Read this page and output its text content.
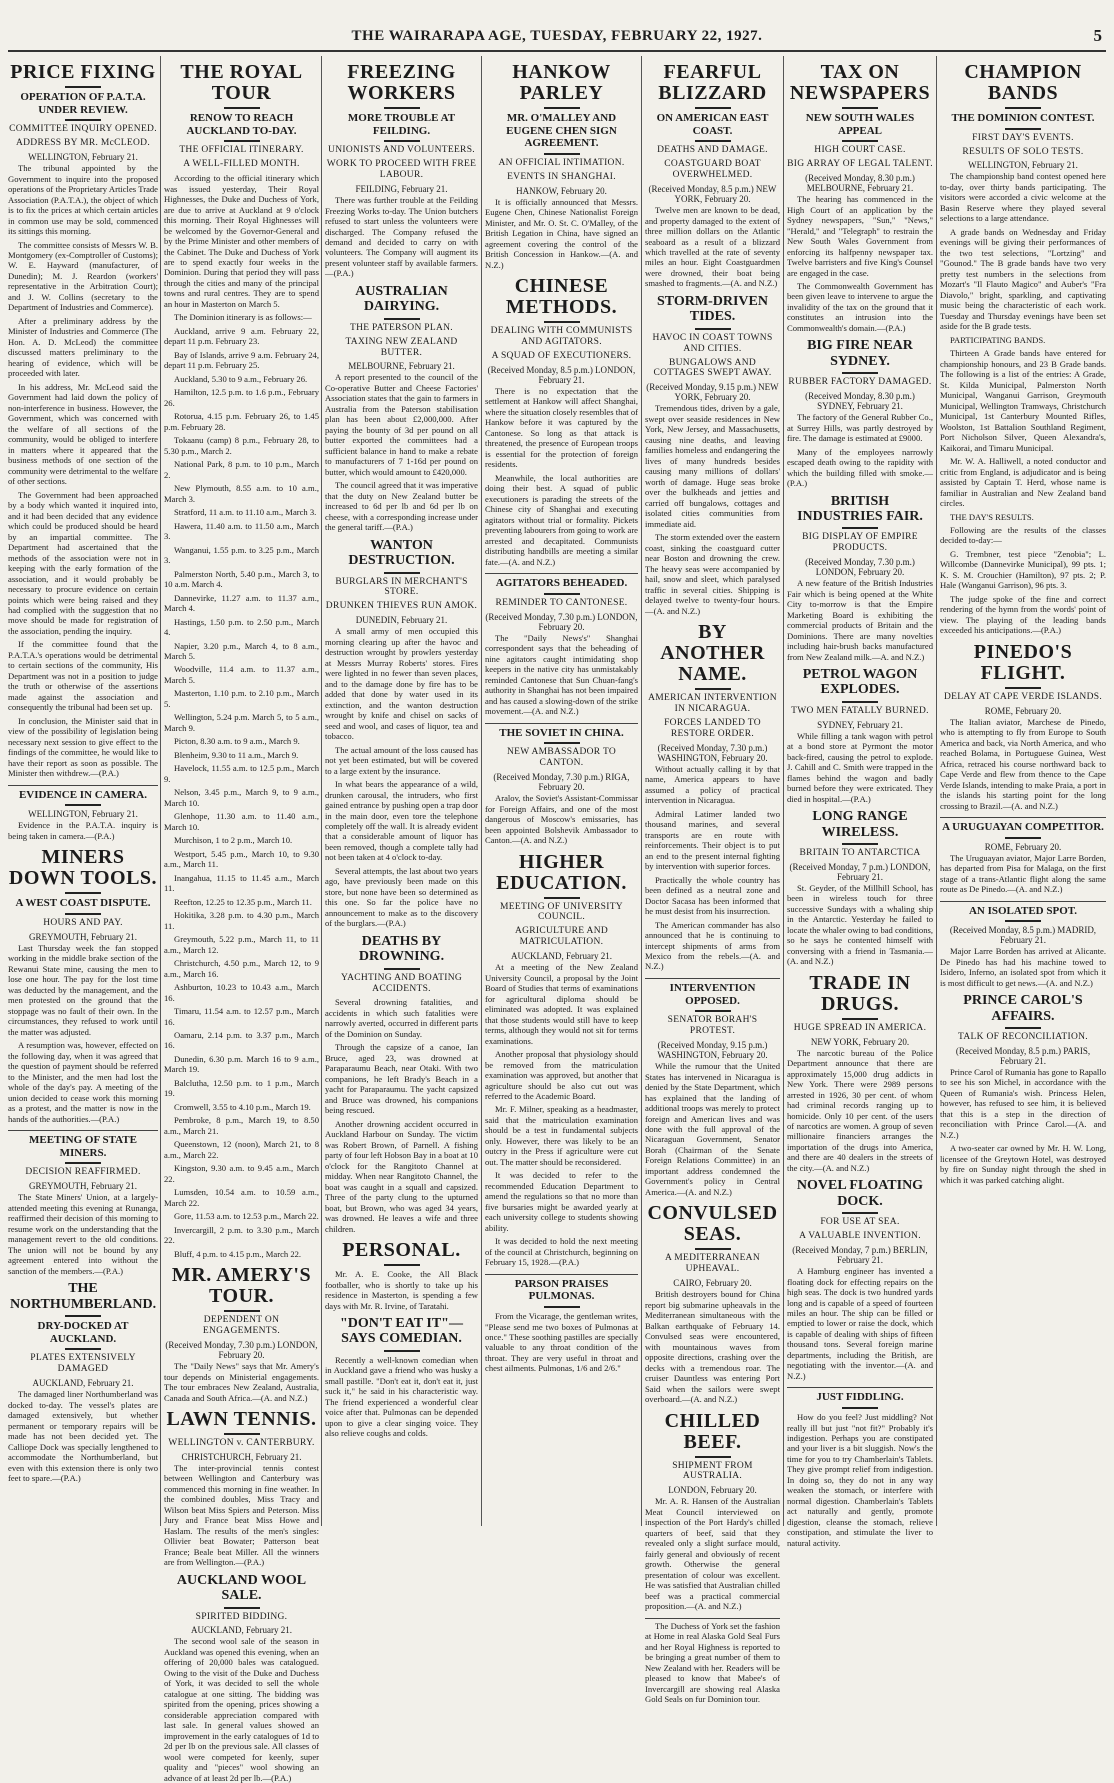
THE WAIRARAPA AGE, TUESDAY, FEBRUARY 22, 1927.	5
PRICE FIXING
OPERATION OF P.A.T.A. UNDER REVIEW.
COMMITTEE INQUIRY OPENED.
ADDRESS BY MR. McCLEOD.
WELLINGTON, February 21.

The tribunal appointed by the Government to inquire into the proposed operations of the Proprietary Articles Trade Association (P.A.T.A.), the object of which is to fix the prices at which certain articles in common use may be sold, commenced its sittings this morning.

The committee consists of Messrs W. B. Montgomery (ex-Comptroller of Customs); W. E. Hayward (manufacturer, of Dunedin); M. J. Reardon (workers' representative in the Arbitration Court); and J. W. Collins (secretary to the Department of Industries and Commerce).

After a preliminary address by the Minister of Industries and Commerce (The Hon. A. D. McLeod) the committee discussed matters preliminary to the hearing of evidence, which will be proceeded with later.

In his address, Mr. McLeod said the Government had laid down the policy of non-interference in business. However, the Government, which was concerned with the welfare of all sections of the community, would be obliged to interfere in matters where it appeared that the business methods of one section of the community were detrimental to the welfare of other sections.

The Government had been approached by a body which wanted it inquired into, and it had been decided that any evidence which could be produced should be heard by an impartial committee. The Department had ascertained that the methods of the association were not in keeping with the early formation of the association, and it would probably be necessary to procure evidence on certain points which were being raised and they had complied with the suggestion that no move should be made for registration of the association, pending the inquiry.

If the committee found that the P.A.T.A.'s operations would be detrimental to certain sections of the community, His Department was not in a position to judge the truth or otherwise of the assertions made against the association and consequently the tribunal had been set up.

In conclusion, the Minister said that in view of the possibility of legislation being necessary next session to give effect to the findings of the committee, he would like to have their report as soon as possible. The Minister then withdrew.—(P.A.)

EVIDENCE IN CAMERA.
WELLINGTON, February 21.

Evidence in the P.A.T.A. inquiry is being taken in camera.—(P.A.)

MINERS DOWN TOOLS.
A WEST COAST DISPUTE.
HOURS AND PAY.
GREYMOUTH, February 21.

Last Thursday week the fan stopped working in the middle brake section of the Rewanui State mine, causing the men to lose one hour. The pay for the lost time was deducted by the management, and the men protested on the ground that the stoppage was no fault of their own. In the circumstances, they refused to work until the matter was adjusted.

A resumption was, however, effected on the following day, when it was agreed that the question of payment should be referred to the Minister, and the men had lost the whole of the day's pay. A meeting of the union decided to cease work this morning as a protest, and the matter is now in the hands of the authorities.—(P.A.)

MEETING OF STATE MINERS.
DECISION REAFFIRMED.
GREYMOUTH, February 21.

The State Miners' Union, at a largely-attended meeting this evening at Runanga, reaffirmed their decision of this morning to resume work on the understanding that the management revert to the old conditions. The union will not be bound by any agreement entered into without the sanction of the members.—(P.A.)

THE NORTHUMBERLAND.
DRY-DOCKED AT AUCKLAND.
PLATES EXTENSIVELY DAMAGED
AUCKLAND, February 21.

The damaged liner Northumberland was docked to-day. The vessel's plates are damaged extensively, but whether permanent or temporary repairs will be made has not been decided yet. The Calliope Dock was specially lengthened to accommodate the Northumberland, but even with this extension there is only two feet to spare.—(P.A.)

THE ROYAL TOUR
RENOW TO REACH AUCKLAND TO-DAY.
THE OFFICIAL ITINERARY.
A WELL-FILLED MONTH.

According to the official itinerary which was issued yesterday, Their Royal Highnesses, the Duke and Duchess of York, are due to arrive at Auckland at 9 o'clock this morning. Their Royal Highnesses will be welcomed by the Governor-General and by the Prime Minister and other members of the Cabinet. The Duke and Duchess of York are to spend exactly four weeks in the Dominion. During that period they will pass through the cities and many of the principal towns and rural centres. They are to spend an hour in Masterton on March 5.

The Dominion itinerary is as follows:—

Auckland, arrive 9 a.m. February 22, depart 11 p.m. February 23.

Bay of Islands, arrive 9 a.m. February 24, depart 11 p.m. February 25.

Auckland, 5.30 to 9 a.m., February 26.

Hamilton, 12.5 p.m. to 1.6 p.m., February 26.

Rotorua, 4.15 p.m. February 26, to 1.45 p.m. February 28.

Tokaanu (camp) 8 p.m., February 28, to 5.30 p.m., March 2.

National Park, 8 p.m. to 10 p.m., March 2.

New Plymouth, 8.55 a.m. to 10 a.m., March 3.

Stratford, 11 a.m. to 11.10 a.m., March 3.

Hawera, 11.40 a.m. to 11.50 a.m., March 3.

Wanganui, 1.55 p.m. to 3.25 p.m., March 3.

Palmerston North, 5.40 p.m., March 3, to 10 a.m. March 4.

Dannevirke, 11.27 a.m. to 11.37 a.m., March 4.

Hastings, 1.50 p.m. to 2.50 p.m., March 4.

Napier, 3.20 p.m., March 4, to 8 a.m., March 5.

Woodville, 11.4 a.m. to 11.37 a.m., March 5.

Masterton, 1.10 p.m. to 2.10 p.m., March 5.

Wellington, 5.24 p.m. March 5, to 5 a.m., March 9.

Picton, 8.30 a.m. to 9 a.m., March 9.

Blenheim, 9.30 to 11 a.m., March 9.

Havelock, 11.55 a.m. to 12.5 p.m., March 9.

Nelson, 3.45 p.m., March 9, to 9 a.m., March 10.

Glenhope, 11.30 a.m. to 11.40 a.m., March 10.

Murchison, 1 to 2 p.m., March 10.

Westport, 5.45 p.m., March 10, to 9.30 a.m., March 11.

Inangahua, 11.15 to 11.45 a.m., March 11.

Reefton, 12.25 to 12.35 p.m., March 11.

Hokitika, 3.28 p.m. to 4.30 p.m., March 11.

Greymouth, 5.22 p.m., March 11, to 11 a.m., March 12.

Christchurch, 4.50 p.m., March 12, to 9 a.m., March 16.

Ashburton, 10.23 to 10.43 a.m., March 16.

Timaru, 11.54 a.m. to 12.57 p.m., March 16.

Oamaru, 2.14 p.m. to 3.37 p.m., March 16.

Dunedin, 6.30 p.m. March 16 to 9 a.m., March 19.

Balclutha, 12.50 p.m. to 1 p.m., March 19.

Cromwell, 3.55 to 4.10 p.m., March 19.

Pembroke, 8 p.m., March 19, to 8.50 a.m., March 21.

Queenstown, 12 (noon), March 21, to 8 a.m., March 22.

Kingston, 9.30 a.m. to 9.45 a.m., March 22.

Lumsden, 10.54 a.m. to 10.59 a.m., March 22.

Gore, 11.53 a.m. to 12.53 p.m., March 22.

Invercargill, 2 p.m. to 3.30 p.m., March 22.

Bluff, 4 p.m. to 4.15 p.m., March 22.

MR. AMERY'S TOUR.
DEPENDENT ON ENGAGEMENTS.
(Received Monday, 7.30 p.m.) LONDON, February 20.

The "Daily News" says that Mr. Amery's tour depends on Ministerial engagements. The tour embraces New Zealand, Australia, Canada and South Africa.—(A. and N.Z.)

LAWN TENNIS.
WELLINGTON v. CANTERBURY.
CHRISTCHURCH, February 21.

The inter-provincial tennis contest between Wellington and Canterbury was commenced this morning in fine weather. In the combined doubles, Miss Tracy and Wilson beat Miss Spiers and Peterson. Miss Jury and France beat Miss Howe and Haslam. The results of the men's singles: Ollivier beat Bowater; Patterson beat France; Beale beat Miller. All the winners are from Wellington.—(P.A.)

AUCKLAND WOOL SALE.
SPIRITED BIDDING.
AUCKLAND, February 21.

The second wool sale of the season in Auckland was opened this evening, when an offering of 20,000 bales was catalogued. Owing to the visit of the Duke and Duchess of York, it was decided to sell the whole catalogue at one sitting. The bidding was spirited from the opening, prices showing a considerable appreciation compared with last sale. In general values showed an improvement in the early catalogues of 1d to 2d per lb on the previous sale. All classes of wool were competed for keenly, super quality and "pieces" wool showing an advance of at least 2d per lb.—(P.A.)

FREEZING WORKERS
MORE TROUBLE AT FEILDING.
UNIONISTS AND VOLUNTEERS.
WORK TO PROCEED WITH FREE LABOUR.
FEILDING, February 21.

There was further trouble at the Feilding Freezing Works to-day. The Union butchers refused to start unless the volunteers were discharged. The Company refused the demand and decided to carry on with volunteers. The Company will augment its present volunteer staff by available farmers.—(P.A.)

AUSTRALIAN DAIRYING.
THE PATERSON PLAN.
TAXING NEW ZEALAND BUTTER.
MELBOURNE, February 21.

A report presented to the council of the Co-operative Butter and Cheese Factories' Association states that the gain to farmers in Australia from the Paterson stabilisation plan has been about £2,000,000. After paying the bounty of 3d per pound on all butter exported the committees had a sufficient balance in hand to make a rebate to manufacturers of 7 1-16d per pound on butter, which would amount to £420,000.

The council agreed that it was imperative that the duty on New Zealand butter be increased to 6d per lb and 6d per lb on cheese, with a corresponding increase under the general tariff.—(P.A.)

WANTON DESTRUCTION.
BURGLARS IN MERCHANT'S STORE.
DRUNKEN THIEVES RUN AMOK.
DUNEDIN, February 21.

A small army of men occupied this morning clearing up after the havoc and destruction wrought by prowlers yesterday at Messrs Murray Roberts' stores. Fires were lighted in no fewer than seven places, and to the damage done by fire has to be added that done by water used in its extinction, and the wanton destruction wrought by knife and chisel on sacks of seed and wool, and cases of liquor, tea and tobacco.

The actual amount of the loss caused has not yet been estimated, but will be covered to a large extent by the insurance.

In what bears the appearance of a wild, drunken carousal, the intruders, who first gained entrance by pushing open a trap door in the main door, even tore the telephone completely off the wall. It is already evident that a considerable amount of liquor has been removed, though a complete tally had not been taken at 4 o'clock to-day.

Several attempts, the last about two years ago, have previously been made on this store, but none have been so determined as this one. So far the police have no announcement to make as to the discovery of the burglars.—(P.A.)

DEATHS BY DROWNING.
YACHTING AND BOATING ACCIDENTS.

Several drowning fatalities, and accidents in which such fatalities were narrowly averted, occurred in different parts of the Dominion on Sunday.

Through the capsize of a canoe, Ian Bruce, aged 23, was drowned at Paraparaumu Beach, near Otaki. With two companions, he left Brady's Beach in a yacht for Paraparaumu. The yacht capsized and Bruce was drowned, his companions being rescued.

Another drowning accident occurred in Auckland Harbour on Sunday. The victim was Robert Brown, of Parnell. A fishing party of four left Hobson Bay in a boat at 10 o'clock for the Rangitoto Channel at midday. When near Rangitoto Channel, the boat was caught in a squall and capsized. Three of the party clung to the upturned boat, but Brown, who was aged 34 years, was drowned. He leaves a wife and three children.

PERSONAL.

Mr. A. E. Cooke, the All Black footballer, who is shortly to take up his residence in Masterton, is spending a few days with Mr. R. Irvine, of Taratahi.

"DON'T EAT IT"—SAYS COMEDIAN.

Recently a well-known comedian when in Auckland gave a friend who was husky a small pastille. "Don't eat it, don't eat it, just suck it," he said in his characteristic way. The friend experienced a wonderful clear voice after that. Pulmonas can be depended upon to give a clear singing voice. They also relieve coughs and colds.

HANKOW PARLEY
MR. O'MALLEY AND EUGENE CHEN SIGN AGREEMENT.
AN OFFICIAL INTIMATION.
EVENTS IN SHANGHAI.
HANKOW, February 20.

It is officially announced that Messrs. Eugene Chen, Chinese Nationalist Foreign Minister, and Mr. O. St. C. O'Malley, of the British Legation in China, have signed an agreement covering the control of the British Concession in Hankow.—(A. and N.Z.)

CHINESE METHODS.
DEALING WITH COMMUNISTS AND AGITATORS.
A SQUAD OF EXECUTIONERS.
(Received Monday, 8.5 p.m.) LONDON, February 21.

There is no expectation that the settlement at Hankow will affect Shanghai, where the situation closely resembles that of Hankow before it was captured by the Cantonese. So long as that attack is threatened, the presence of European troops is essential for the protection of foreign residents.

Meanwhile, the local authorities are doing their best. A squad of public executioners is parading the streets of the Chinese city of Shanghai and executing agitators without trial or formality. Pickets preventing labourers from going to work are arrested and decapitated. Communists distributing handbills are meeting a similar fate.—(A. and N.Z.)

AGITATORS BEHEADED.
REMINDER TO CANTONESE.
(Received Monday, 7.30 p.m.) LONDON, February 20.

The "Daily News's" Shanghai correspondent says that the beheading of nine agitators caught intimidating shop keepers in the native city has unmistakably reminded Cantonese that Sun Chuan-fang's authority in Shanghai has not been impaired and has caused a slowing-down of the strike movement.—(A. and N.Z.)

THE SOVIET IN CHINA.
NEW AMBASSADOR TO CANTON.
(Received Monday, 7.30 p.m.) RIGA, February 20.

Aralov, the Soviet's Assistant-Commissar for Foreign Affairs, and one of the most dangerous of Moscow's emissaries, has been appointed Bolshevik Ambassador to Canton.—(A. and N.Z.)

HIGHER EDUCATION.
MEETING OF UNIVERSITY COUNCIL.
AGRICULTURE AND MATRICULATION.
AUCKLAND, February 21.

At a meeting of the New Zealand University Council, a proposal by the Joint Board of Studies that terms of examinations for agricultural diploma should be eliminated was adopted. It was explained that those students would still have to keep terms, although they would not sit for terms examinations.

Another proposal that physiology should be removed from the matriculation examination was approved, but another that agriculture should be also cut out was referred to the Academic Board.

Mr. F. Milner, speaking as a headmaster, said that the matriculation examination should be a test in fundamental subjects only. However, there was likely to be an outcry in the Press if agriculture were cut out. The matter should be reconsidered.

It was decided to refer to the recommended Education Department to amend the regulations so that no more than five bursaries might be awarded yearly at each university college to students showing ability.

It was decided to hold the next meeting of the council at Christchurch, beginning on February 15, 1928.—(P.A.)

PARSON PRAISES PULMONAS.

From the Vicarage, the gentleman writes, "Please send me two boxes of Pulmonas at once." These soothing pastilles are specially valuable to any throat condition of the throat. They are very useful in throat and chest ailments. Pulmonas, 1/6 and 2/6."

FEARFUL BLIZZARD
ON AMERICAN EAST COAST.
DEATHS AND DAMAGE.
COASTGUARD BOAT OVERWHELMED.
(Received Monday, 8.5 p.m.) NEW YORK, February 20.

Twelve men are known to be dead, and property damaged to the extent of three million dollars on the Atlantic seaboard as a result of a blizzard which travelled at the rate of seventy miles an hour. Eight Coastguardmen were drowned, their boat being smashed to fragments.—(A. and N.Z.)

STORM-DRIVEN TIDES.
HAVOC IN COAST TOWNS AND CITIES.
BUNGALOWS AND COTTAGES SWEPT AWAY.
(Received Monday, 9.15 p.m.) NEW YORK, February 20.

Tremendous tides, driven by a gale, swept over seaside residences in New York, New Jersey, and Massachusetts, causing nine deaths, and leaving families homeless and endangering the lives of many hundreds besides causing many millions of dollars' worth of damage. Huge seas broke over the bulkheads and jetties and carried off bungalows, cottages and isolated cities communities from immediate aid.

The storm extended over the eastern coast, sinking the coastguard cutter near Boston and drowning the crew. The heavy seas were accompanied by hail, snow and sleet, which paralysed traffic in several cities. Shipping is delayed twelve to twenty-four hours.—(A. and N.Z.)

BY ANOTHER NAME.
AMERICAN INTERVENTION IN NICARAGUA.
FORCES LANDED TO RESTORE ORDER.
(Received Monday, 7.30 p.m.) WASHINGTON, February 20.

Without actually calling it by that name, America appears to have assumed a policy of practical intervention in Nicaragua.

Admiral Latimer landed two thousand marines, and several transports are en route with reinforcements. Their object is to put an end to the present internal fighting by intervention with superior forces.

Practically the whole country has been defined as a neutral zone and Doctor Sacasa has been informed that he must desist from his insurrection.

The American commander has also announced that he is continuing to intercept shipments of arms from Mexico from the rebels.—(A. and N.Z.)

INTERVENTION OPPOSED.
SENATOR BORAH'S PROTEST.
(Received Monday, 9.15 p.m.) WASHINGTON, February 20.

While the rumour that the United States has intervened in Nicaragua is denied by the State Department, which has explained that the landing of additional troops was merely to protect foreign and American lives and was done with the full approval of the Nicaraguan Government, Senator Borah (Chairman of the Senate Foreign Relations Committee) in an important address condemned the Government's policy in Central America.—(A. and N.Z.)

CONVULSED SEAS.
A MEDITERRANEAN UPHEAVAL.
CAIRO, February 20.

British destroyers bound for China report big submarine upheavals in the Mediterranean simultaneous with the Balkan earthquake of February 14. Convulsed seas were encountered, with mountainous waves from opposite directions, crashing over the decks with a tremendous roar. The cruiser Dauntless was entering Port Said when the sailors were swept overboard.—(A. and N.Z.)

CHILLED BEEF.
SHIPMENT FROM AUSTRALIA.
LONDON, February 20.

Mr. A. R. Hansen of the Australian Meat Council interviewed on inspection of the Port Hardy's chilled quarters of beef, said that they revealed only a slight surface mould, fairly general and obviously of recent growth. Otherwise the general presentation of colour was excellent. He was satisfied that Australian chilled beef was a practical commercial proposition.—(A. and N.Z.)

The Duchess of York set the fashion at Home in real Alaska Gold Seal Furs and her Royal Highness is reported to be bringing a great number of them to New Zealand with her. Readers will be pleased to know that Mabee's of Invercargill are showing real Alaska Gold Seals on fur Dominion tour.

TAX ON NEWSPAPERS
NEW SOUTH WALES APPEAL
HIGH COURT CASE.
BIG ARRAY OF LEGAL TALENT.
(Received Monday, 8.30 p.m.) MELBOURNE, February 21.

The hearing has commenced in the High Court of an application by the Sydney newspapers, "Sun," "News," "Herald," and "Telegraph" to restrain the New South Wales Government from enforcing its halfpenny newspaper tax. Twelve barristers and five King's Counsel are engaged in the case.

The Commonwealth Government has been given leave to intervene to argue the invalidity of the tax on the ground that it constitutes an intrusion into the Commonwealth's domain.—(P.A.)

BIG FIRE NEAR SYDNEY.
RUBBER FACTORY DAMAGED.
(Received Monday, 8.30 p.m.) SYDNEY, February 21.

The factory of the General Rubber Co., at Surrey Hills, was partly destroyed by fire. The damage is estimated at £9000.

Many of the employees narrowly escaped death owing to the rapidity with which the building filled with smoke.—(P.A.)

BRITISH INDUSTRIES FAIR.
BIG DISPLAY OF EMPIRE PRODUCTS.
(Received Monday, 7.30 p.m.) LONDON, February 20.

A new feature of the British Industries Fair which is being opened at the White City to-morrow is that the Empire Marketing Board is exhibiting the commercial products of Britain and the Dominions. There are many novelties including hair-brush backs manufactured from New Zealand milk.—A. and N.Z.)

PETROL WAGON EXPLODES.
TWO MEN FATALLY BURNED.
SYDNEY, February 21.

While filling a tank wagon with petrol at a bond store at Pyrmont the motor back-fired, causing the petrol to explode. J. Cahill and C. Smith were trapped in the flames behind the wagon and badly burned before they were extricated. They died in hospital.—(P.A.)

LONG RANGE WIRELESS.
BRITAIN TO ANTARCTICA
(Received Monday, 7 p.m.) LONDON, February 21.

St. Geyder, of the Millhill School, has been in wireless touch for three successive Sundays with a whaling ship in the Antarctic. Yesterday he failed to locate the whaler owing to bad conditions, so he says he contented himself with conversing with a friend in Tasmania.—(A. and N.Z.)

TRADE IN DRUGS.
HUGE SPREAD IN AMERICA.
NEW YORK, February 20.

The narcotic bureau of the Police Department announce that there are approximately 15,000 drug addicts in New York. There were 2989 persons arrested in 1926, 30 per cent. of whom had criminal records ranging up to homicide. Only 10 per cent. of the users of narcotics are women. A group of seven millionaire financiers arranges the importation of the drugs into America, and there are 40 dealers in the streets of the city.—(A. and N.Z.)

NOVEL FLOATING DOCK.
FOR USE AT SEA.
A VALUABLE INVENTION.
(Received Monday, 7 p.m.) BERLIN, February 21.

A Hamburg engineer has invented a floating dock for effecting repairs on the high seas. The dock is two hundred yards long and is capable of a speed of fourteen miles an hour. The ship can be filled or emptied to lower or raise the dock, which is capable of dealing with ships of fifteen thousand tons. Several foreign marine departments, including the British, are negotiating with the inventor.—(A. and N.Z.)

JUST FIDDLING.

How do you feel? Just middling? Not really ill but just "not fit?" Probably it's indigestion. Perhaps you are constipated and your liver is a bit sluggish. Now's the time for you to try Chamberlain's Tablets. They give prompt relief from indigestion. In doing so, they do not in any way weaken the stomach, or interfere with normal digestion. Chamberlain's Tablets act naturally and gently, promote digestion, cleanse the stomach, relieve constipation, and stimulate the liver to natural activity.

CHAMPION BANDS
THE DOMINION CONTEST.
FIRST DAY'S EVENTS.
RESULTS OF SOLO TESTS.
WELLINGTON, February 21.

The championship band contest opened here to-day, over thirty bands participating. The visitors were accorded a civic welcome at the Basin Reserve where they played several selections to a large attendance.

A grade bands on Wednesday and Friday evenings will be giving their performances of the two test selections, "Lortzing" and "Gounod." The B grade bands have two very pretty test numbers in the selections from Mozart's "Il Flauto Magico" and Auber's "Fra Diavolo," bright, sparkling, and captivating music being the characteristic of each work. Tuesday and Thursday evenings have been set aside for the B grade tests.

PARTICIPATING BANDS.

Thirteen A Grade bands have entered for championship honours, and 23 B Grade bands. The following is a list of the entries: A Grade, St. Kilda Municipal, Palmerston North Municipal, Wanganui Garrison, Greymouth Municipal, Wellington Tramways, Christchurch Municipal, 1st Canterbury Mounted Rifles, Woolston, 1st Battalion Southland Regiment, Port Nicholson Silver, Queen Alexandra's, Kaikorai, and Timaru Municipal.

Mr. W. A. Halliwell, a noted conductor and critic from England, is adjudicator and is being assisted by Captain T. Herd, whose name is familiar in Australian and New Zealand band circles.

THE DAY'S RESULTS.

Following are the results of the classes decided to-day:—

G. Trembner, test piece "Zenobia"; L. Willcombe (Dannevirke Municipal), 99 pts. 1; K. S. M. Crouchier (Hamilton), 97 pts. 2; P. Hale (Wanganui Garrison), 96 pts. 3.

The judge spoke of the fine and correct rendering of the hymn from the words' point of view. The playing of the leading bands exceeded his anticipations.—(P.A.)

PINEDO'S FLIGHT.
DELAY AT CAPE VERDE ISLANDS.
ROME, February 20.

The Italian aviator, Marchese de Pinedo, who is attempting to fly from Europe to South America and back, via North America, and who reached Bolama, in Portuguese Guinea, West Africa, retraced his course northward back to Cape Verde and flew from thence to the Cape Verde Islands, intending to make Praia, a port in the islands his starting point for the long crossing to Brazil.—(A. and N.Z.)

A URUGUAYAN COMPETITOR.
ROME, February 20.

The Uruguayan aviator, Major Larre Borden, has departed from Pisa for Malaga, on the first stage of a trans-Atlantic flight along the same route as De Pinedo.—(A. and N.Z.)

AN ISOLATED SPOT.
(Received Monday, 8.5 p.m.) MADRID, February 21.

Major Larre Borden has arrived at Alicante. De Pinedo has had his machine towed to Isidero, Inferno, an isolated spot from which it is most difficult to get news.—(A. and N.Z.)

PRINCE CAROL'S AFFAIRS.
TALK OF RECONCILIATION.
(Received Monday, 8.5 p.m.) PARIS, February 21.

Prince Carol of Rumania has gone to Rapallo to see his son Michel, in accordance with the Queen of Rumania's wish. Princess Helen, however, has refused to see him, it is believed that this is a step in the direction of reconciliation with Prince Carol.—(A. and N.Z.)

A two-seater car owned by Mr. H. W. Long, licensee of the Greytown Hotel, was destroyed by fire on Sunday night through the shed in which it was parked catching alight.
